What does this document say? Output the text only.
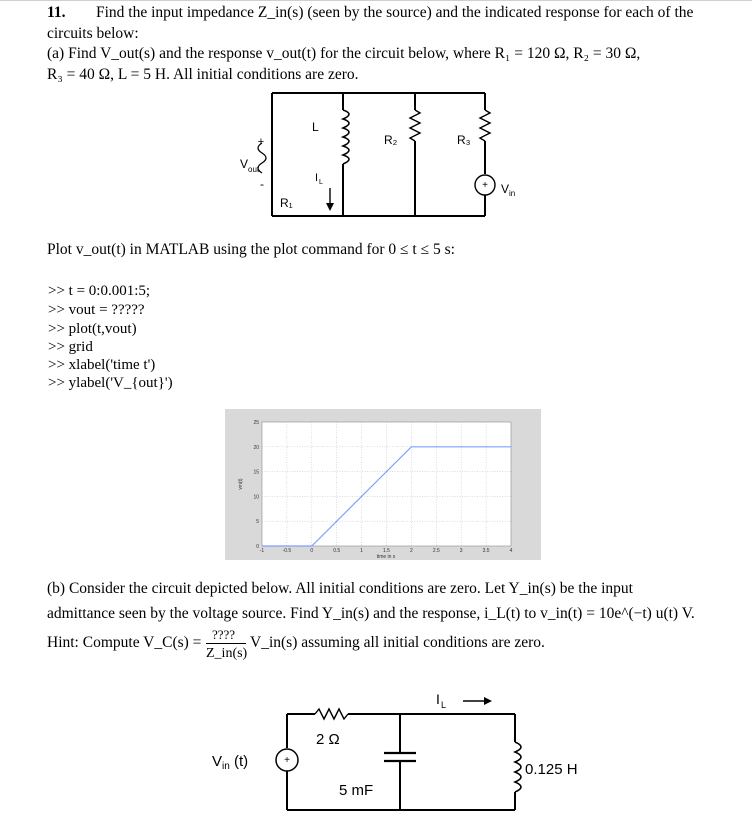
11. Find the input impedance Z_in(s) (seen by the source) and the indicated response for each of the
circuits below:
(a) Find V_out(s) and the response v_out(t) for the circuit below, where R₁ = 120 Ω, R₂ = 30 Ω,
R₃ = 40 Ω, L = 5 H. All initial conditions are zero.
+
-
V out
L
I L
R₂	R₃
R₁
+ V in
Plot v_out(t) in MATLAB using the plot command for 0 ≤ t ≤ 5 s:
>> t = 0:0.001:5;
>> vout = ?????
>> plot(t,vout)
>> grid
>> xlabel('time t')
>> ylabel('V_{out}')
-1	-0.5	0	0.5	1	1.5	2	2.5	3	3.5	4
0
5
10
15
20
25
time in s
vin(t)
(b) Consider the circuit depicted below. All initial conditions are zero. Let Y_in(s) be the input
admittance seen by the voltage source. Find Y_in(s) and the response, i_L(t) to v_in(t) = 10e^(−t) u(t) V.
Hint: Compute V_C(s) = ????
Z_in(s)
V_in(s) assuming all initial conditions are zero.
+
V in (t)
2 Ω
5 mF
0.125 H
I L
